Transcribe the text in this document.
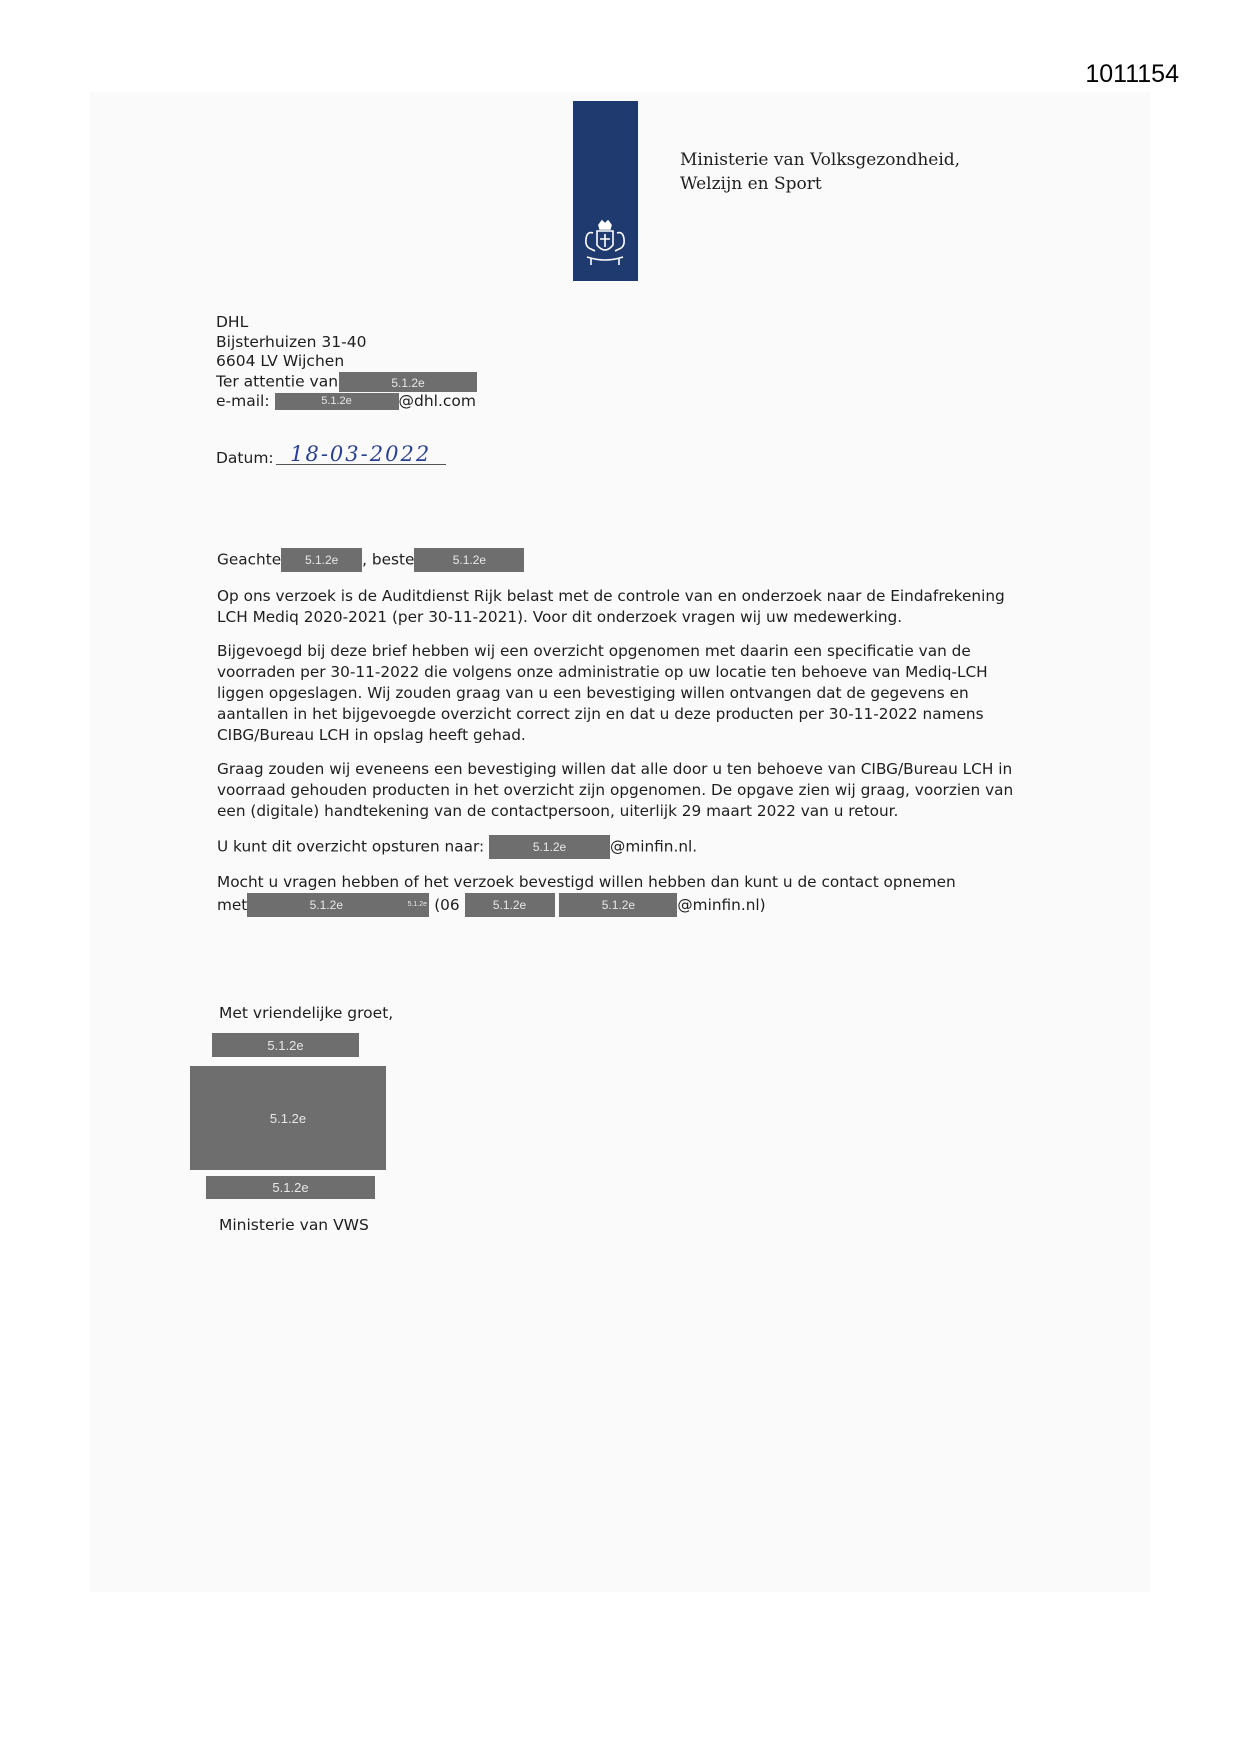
1011154
Ministerie van Volksgezondheid,
Welzijn en Sport
DHL
Bijsterhuizen 31-40
6604 LV Wijchen
Ter attentie van	5.1.2e
e-mail:	5.1.2e	@dhl.com
Datum: 18-03-2022

Geachte 5.1.2e , beste	5.1.2e

Op ons verzoek is de Auditdienst Rijk belast met de controle van en onderzoek naar de Eindafrekening LCH Mediq 2020-2021 (per 30-11-2021). Voor dit onderzoek vragen wij uw medewerking.

Bijgevoegd bij deze brief hebben wij een overzicht opgenomen met daarin een specificatie van de voorraden per 30-11-2022 die volgens onze administratie op uw locatie ten behoeve van Mediq-LCH liggen opgeslagen. Wij zouden graag van u een bevestiging willen ontvangen dat de gegevens en aantallen in het bijgevoegde overzicht correct zijn en dat u deze producten per 30-11-2022 namens CIBG/Bureau LCH in opslag heeft gehad.

Graag zouden wij eveneens een bevestiging willen dat alle door u ten behoeve van CIBG/Bureau LCH in voorraad gehouden producten in het overzicht zijn opgenomen. De opgave zien wij graag, voorzien van een (digitale) handtekening van de contactpersoon, uiterlijk 29 maart 2022 van u retour.

U kunt dit overzicht opsturen naar:	5.1.2e	@minfin.nl.

Mocht u vragen hebben of het verzoek bevestigd willen hebben dan kunt u de contact opnemen
met	5.1.2e	5.1.2e (06	5.1.2e	5.1.2e	@minfin.nl)

Met vriendelijke groet,
5.1.2e
5.1.2e
5.1.2e
Ministerie van VWS
